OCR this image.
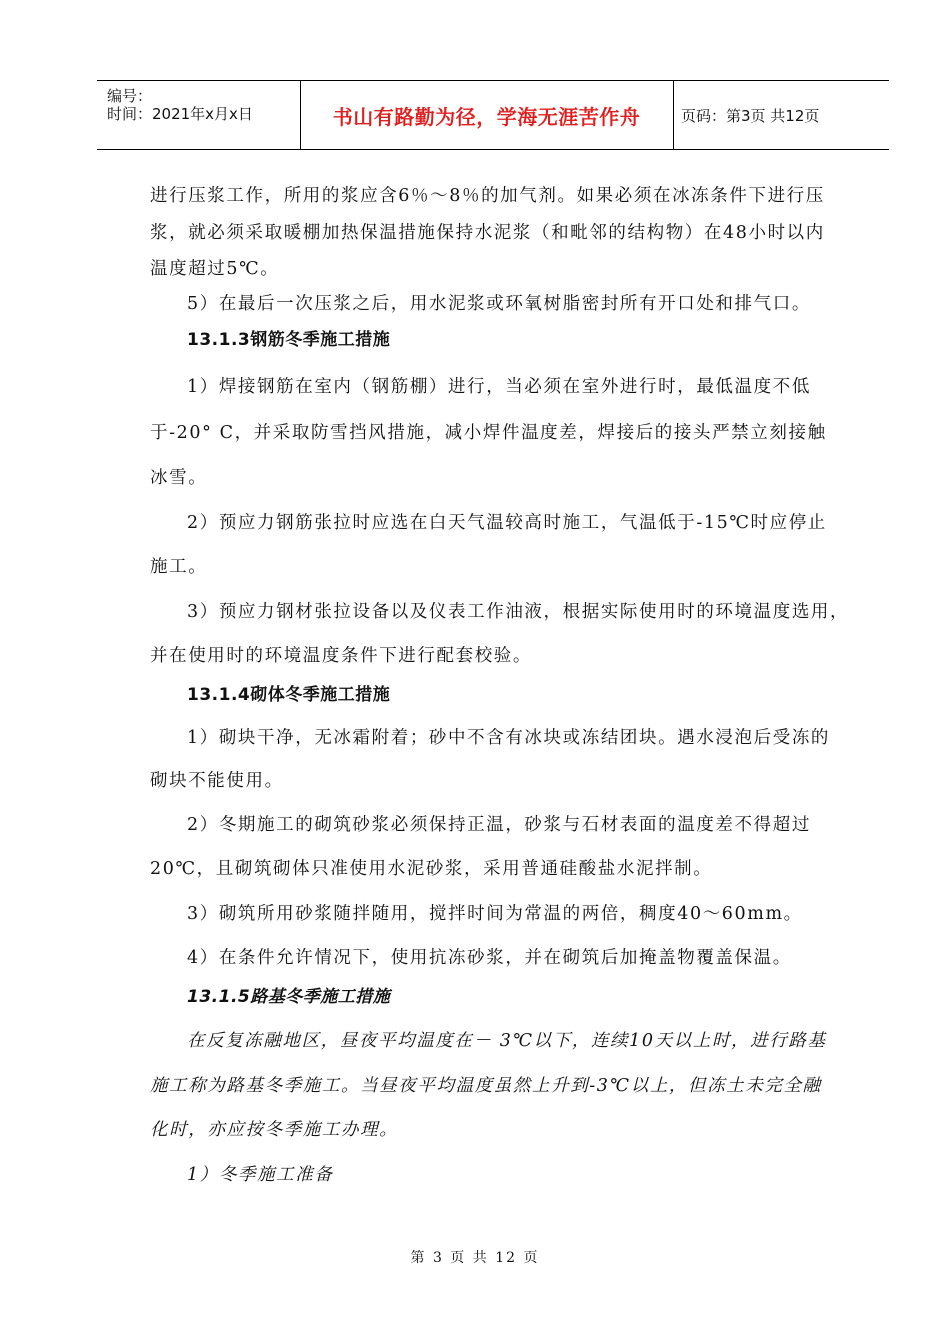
编号：
时间：2021年x月x日	书山有路勤为径，学海无涯苦作舟	页码：第3页 共12页
进行压浆工作，所用的浆应含6％～8％的加气剂。如果必须在冰冻条件下进行压
浆，就必须采取暖棚加热保温措施保持水泥浆（和毗邻的结构物）在48小时以内
温度超过5℃。
5）在最后一次压浆之后，用水泥浆或环氧树脂密封所有开口处和排气口。
13.1.3钢筋冬季施工措施
1）焊接钢筋在室内（钢筋棚）进行，当必须在室外进行时，最低温度不低
于-20° C，并采取防雪挡风措施，减小焊件温度差，焊接后的接头严禁立刻接触
冰雪。
2）预应力钢筋张拉时应选在白天气温较高时施工，气温低于-15℃时应停止
施工。
3）预应力钢材张拉设备以及仪表工作油液，根据实际使用时的环境温度选用，
并在使用时的环境温度条件下进行配套校验。
13.1.4砌体冬季施工措施
1）砌块干净，无冰霜附着；砂中不含有冰块或冻结团块。遇水浸泡后受冻的
砌块不能使用。
2）冬期施工的砌筑砂浆必须保持正温，砂浆与石材表面的温度差不得超过
20℃，且砌筑砌体只准使用水泥砂浆，采用普通硅酸盐水泥拌制。
3）砌筑所用砂浆随拌随用，搅拌时间为常温的两倍，稠度40～60mm。
4）在条件允许情况下，使用抗冻砂浆，并在砌筑后加掩盖物覆盖保温。
13.1.5路基冬季施工措施
在反复冻融地区，昼夜平均温度在－ 3℃以下，连续10天以上时，进行路基
施工称为路基冬季施工。当昼夜平均温度虽然上升到-3℃以上，但冻土未完全融
化时，亦应按冬季施工办理。
1）冬季施工准备
第 3 页 共 12 页
